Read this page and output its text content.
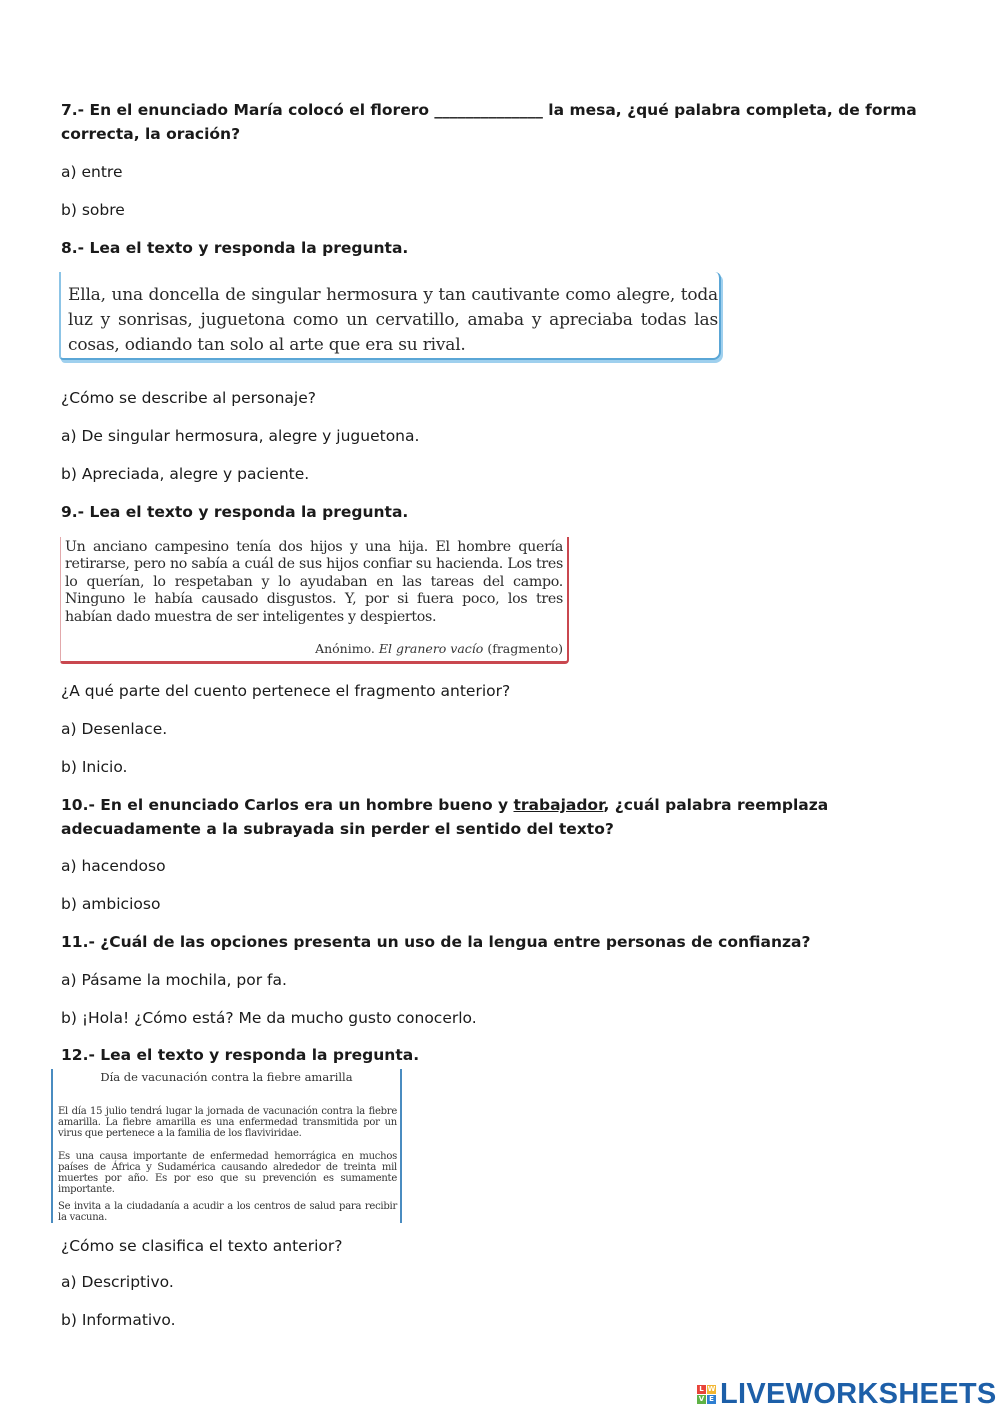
7.- En el enunciado María colocó el florero ______________ la mesa, ¿qué palabra completa, de forma correcta, la oración?

a) entre

b) sobre

8.- Lea el texto y responda la pregunta.

Ella, una doncella de singular hermosura y tan cautivante como alegre, toda luz y sonrisas, juguetona como un cervatillo, amaba y apreciaba todas las cosas, odiando tan solo al arte que era su rival.

¿Cómo se describe al personaje?

a) De singular hermosura, alegre y juguetona.

b) Apreciada, alegre y paciente.

9.- Lea el texto y responda la pregunta.

Un anciano campesino tenía dos hijos y una hija. El hombre quería retirarse, pero no sabía a cuál de sus hijos confiar su hacienda. Los tres lo querían, lo respetaban y lo ayudaban en las tareas del campo. Ninguno le había causado disgustos. Y, por si fuera poco, los tres habían dado muestra de ser inteligentes y despiertos.
Anónimo. El granero vacío (fragmento)

¿A qué parte del cuento pertenece el fragmento anterior?

a) Desenlace.

b) Inicio.

10.- En el enunciado Carlos era un hombre bueno y trabajador, ¿cuál palabra reemplaza adecuadamente a la subrayada sin perder el sentido del texto?

a) hacendoso

b) ambicioso

11.- ¿Cuál de las opciones presenta un uso de la lengua entre personas de confianza?

a) Pásame la mochila, por fa.

b) ¡Hola! ¿Cómo está? Me da mucho gusto conocerlo.

12.- Lea el texto y responda la pregunta.

Día de vacunación contra la fiebre amarilla
El día 15 julio tendrá lugar la jornada de vacunación contra la fiebre amarilla. La fiebre amarilla es una enfermedad transmitida por un virus que pertenece a la familia de los flaviviridae.
Es una causa importante de enfermedad hemorrágica en muchos países de África y Sudamérica causando alrededor de treinta mil muertes por año. Es por eso que su prevención es sumamente importante.
Se invita a la ciudadanía a acudir a los centros de salud para recibir la vacuna.

¿Cómo se clasifica el texto anterior?

a) Descriptivo.

b) Informativo.

L W
V E LIVEWORKSHEETS
